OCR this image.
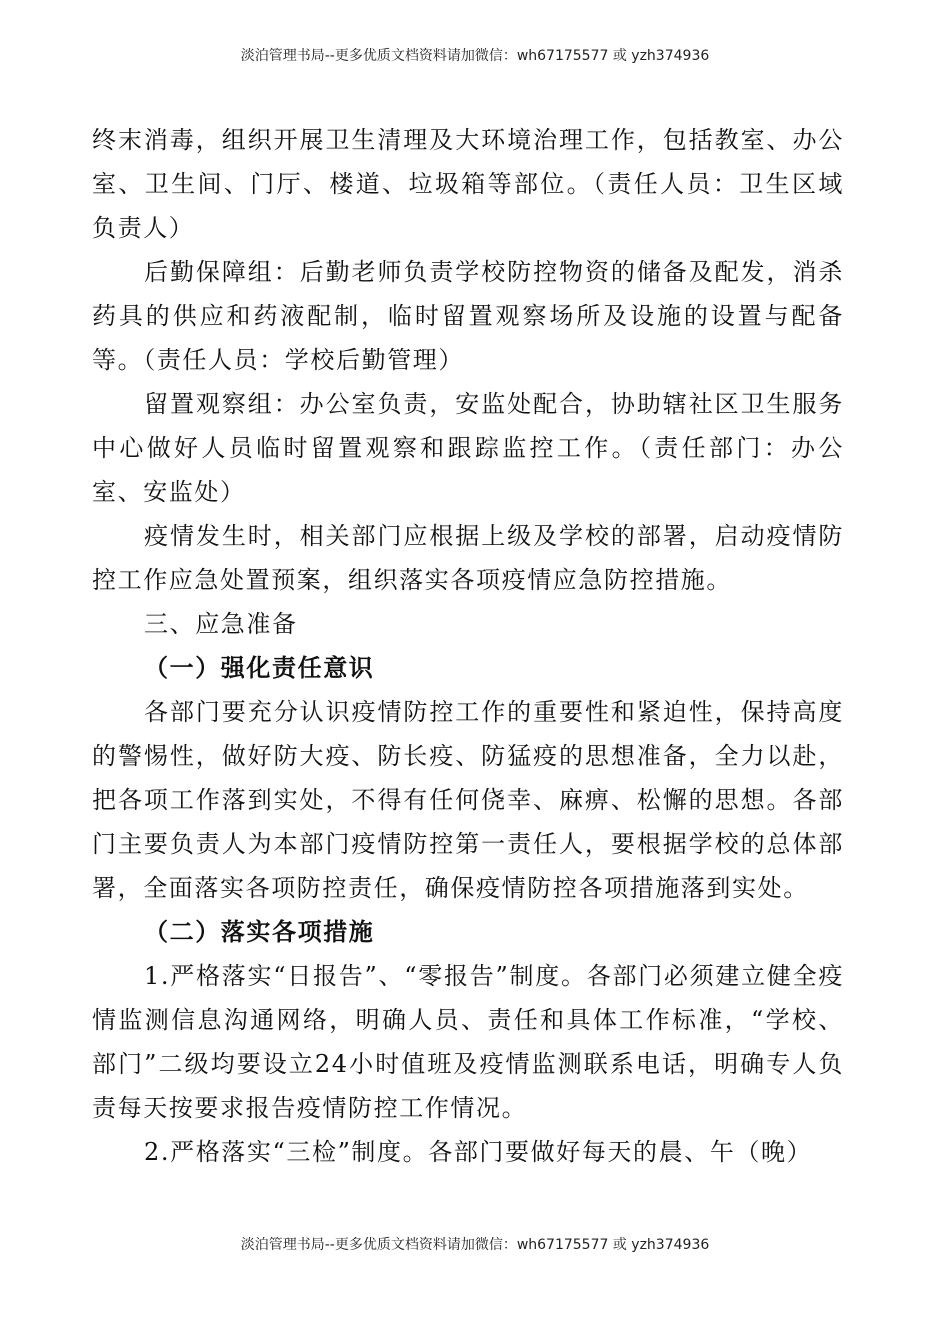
淡泊管理书局--更多优质文档资料请加微信：wh67175577 或 yzh374936

终末消毒，组织开展卫生清理及大环境治理工作，包括教室、办公室、卫生间、门厅、楼道、垃圾箱等部位。（责任人员：卫生区域负责人）

后勤保障组：后勤老师负责学校防控物资的储备及配发，消杀药具的供应和药液配制，临时留置观察场所及设施的设置与配备等。（责任人员：学校后勤管理）

留置观察组：办公室负责，安监处配合，协助辖社区卫生服务中心做好人员临时留置观察和跟踪监控工作。（责任部门：办公室、安监处）

疫情发生时，相关部门应根据上级及学校的部署，启动疫情防控工作应急处置预案，组织落实各项疫情应急防控措施。

三、应急准备

（一）强化责任意识

各部门要充分认识疫情防控工作的重要性和紧迫性，保持高度的警惕性，做好防大疫、防长疫、防猛疫的思想准备，全力以赴，把各项工作落到实处，不得有任何侥幸、麻痹、松懈的思想。各部门主要负责人为本部门疫情防控第一责任人，要根据学校的总体部署，全面落实各项防控责任，确保疫情防控各项措施落到实处。

（二）落实各项措施

1.严格落实“日报告”、“零报告”制度。各部门必须建立健全疫情监测信息沟通网络，明确人员、责任和具体工作标准，“学校、部门”二级均要设立24小时值班及疫情监测联系电话，明确专人负责每天按要求报告疫情防控工作情况。

2.严格落实“三检”制度。各部门要做好每天的晨、午（晚）

淡泊管理书局--更多优质文档资料请加微信：wh67175577 或 yzh374936
